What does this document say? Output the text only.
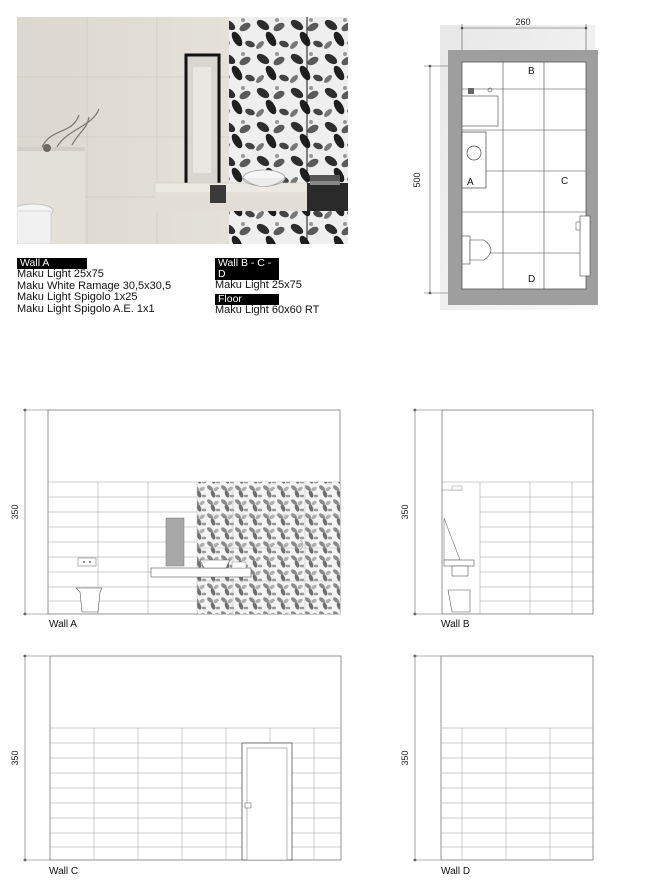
Wall A
Maku Light 25x75
Maku White Ramage 30,5x30,5
Maku Light Spigolo 1x25
Maku Light Spigolo A.E. 1x1
Wall B - C - D
Maku Light 25x75
Floor
Maku Light 60x60 RT
260
500	A
B
C
D
350
Wall A
350
Wall B
350
Wall C
350
Wall D
